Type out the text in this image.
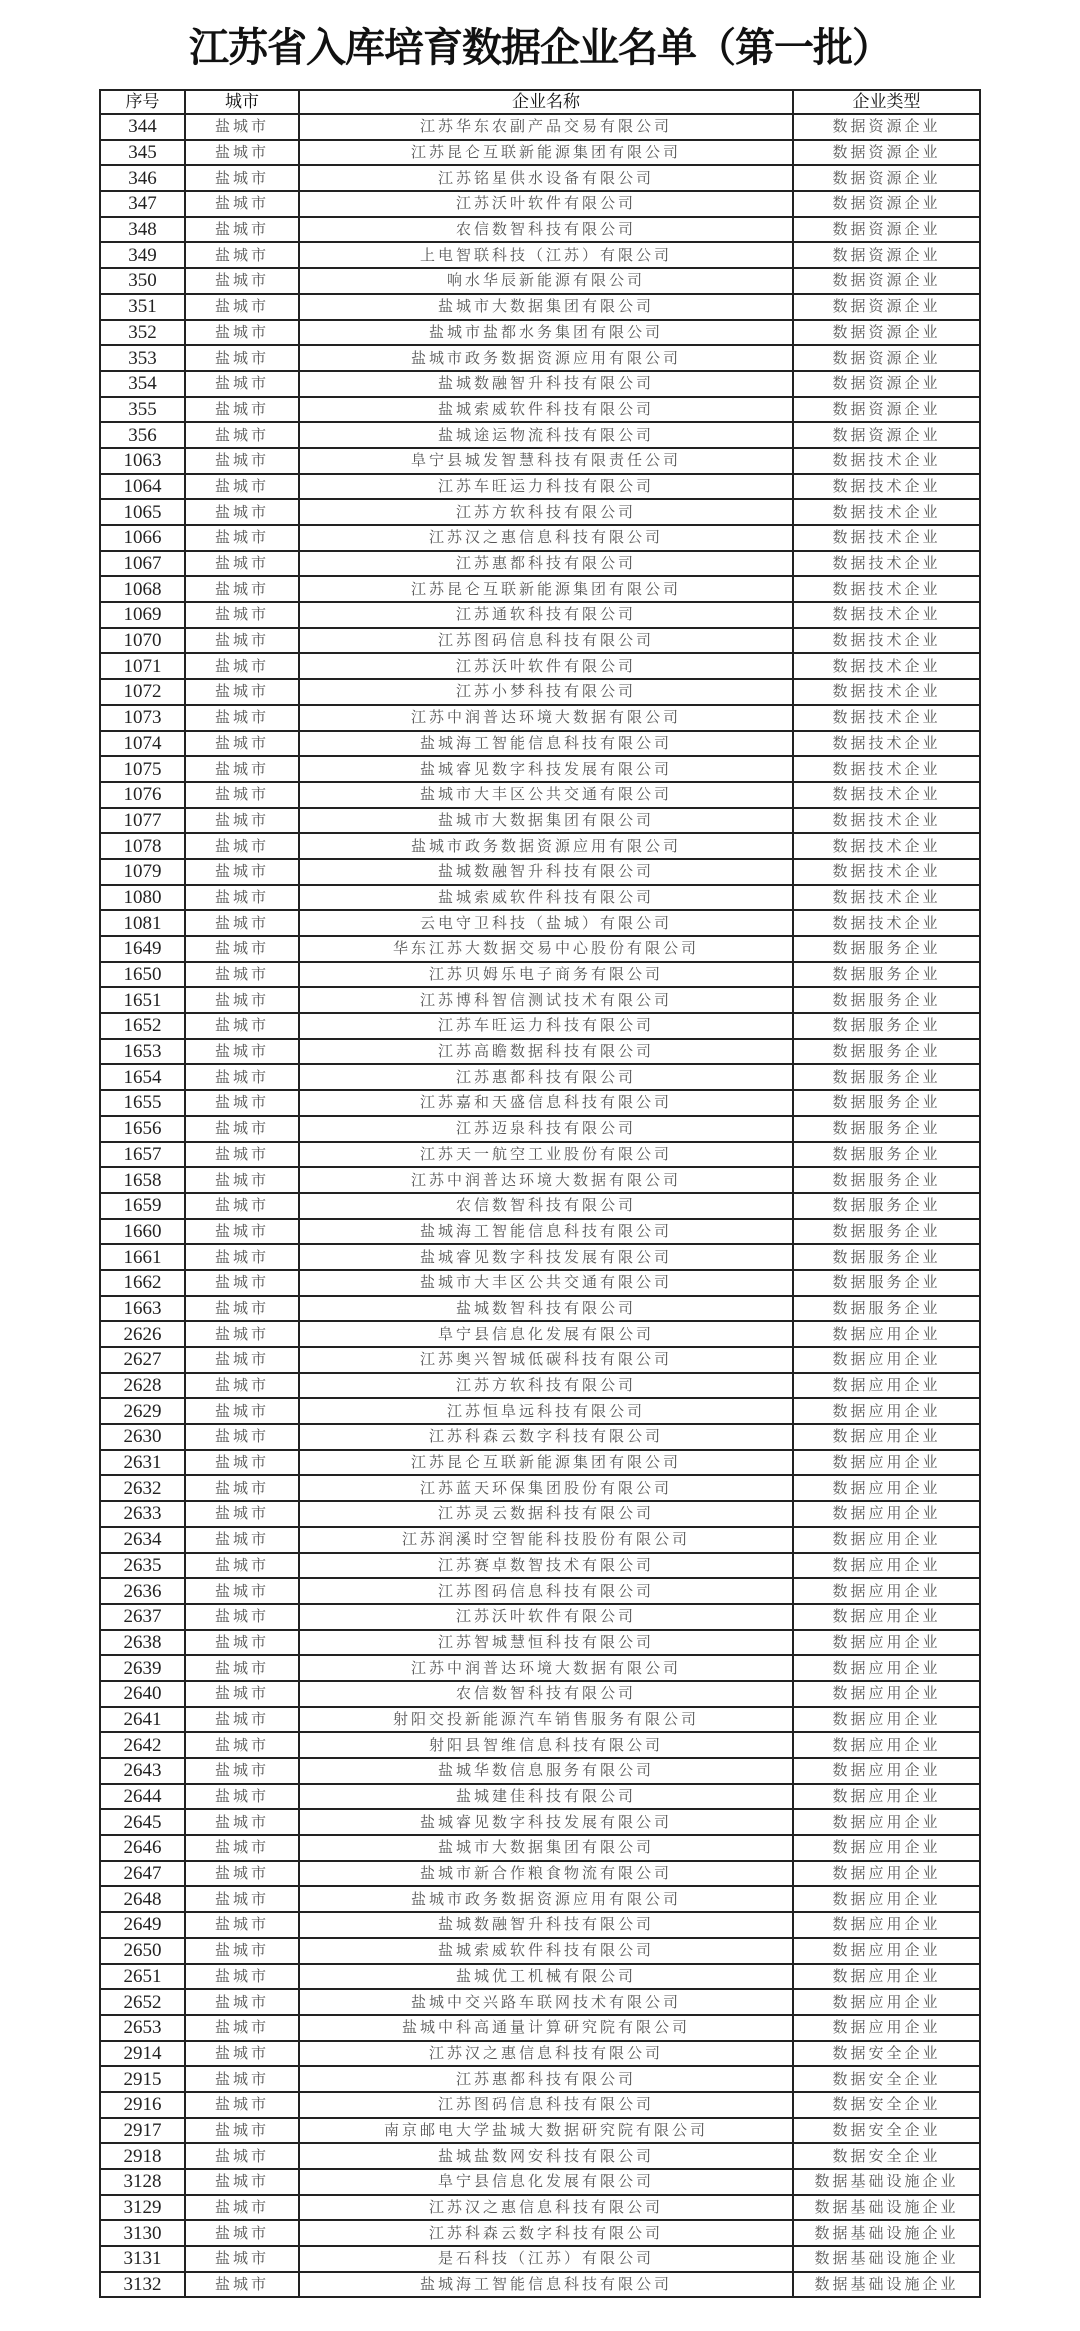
江苏省入库培育数据企业名单（第一批）
序号	城市	企业名称	企业类型
344	盐城市	江苏华东农副产品交易有限公司	数据资源企业
345	盐城市	江苏昆仑互联新能源集团有限公司	数据资源企业
346	盐城市	江苏铭星供水设备有限公司	数据资源企业
347	盐城市	江苏沃叶软件有限公司	数据资源企业
348	盐城市	农信数智科技有限公司	数据资源企业
349	盐城市	上电智联科技（江苏）有限公司	数据资源企业
350	盐城市	响水华辰新能源有限公司	数据资源企业
351	盐城市	盐城市大数据集团有限公司	数据资源企业
352	盐城市	盐城市盐都水务集团有限公司	数据资源企业
353	盐城市	盐城市政务数据资源应用有限公司	数据资源企业
354	盐城市	盐城数融智升科技有限公司	数据资源企业
355	盐城市	盐城索威软件科技有限公司	数据资源企业
356	盐城市	盐城途运物流科技有限公司	数据资源企业
1063	盐城市	阜宁县城发智慧科技有限责任公司	数据技术企业
1064	盐城市	江苏车旺运力科技有限公司	数据技术企业
1065	盐城市	江苏方软科技有限公司	数据技术企业
1066	盐城市	江苏汉之惠信息科技有限公司	数据技术企业
1067	盐城市	江苏惠都科技有限公司	数据技术企业
1068	盐城市	江苏昆仑互联新能源集团有限公司	数据技术企业
1069	盐城市	江苏通软科技有限公司	数据技术企业
1070	盐城市	江苏图码信息科技有限公司	数据技术企业
1071	盐城市	江苏沃叶软件有限公司	数据技术企业
1072	盐城市	江苏小梦科技有限公司	数据技术企业
1073	盐城市	江苏中润普达环境大数据有限公司	数据技术企业
1074	盐城市	盐城海工智能信息科技有限公司	数据技术企业
1075	盐城市	盐城睿见数字科技发展有限公司	数据技术企业
1076	盐城市	盐城市大丰区公共交通有限公司	数据技术企业
1077	盐城市	盐城市大数据集团有限公司	数据技术企业
1078	盐城市	盐城市政务数据资源应用有限公司	数据技术企业
1079	盐城市	盐城数融智升科技有限公司	数据技术企业
1080	盐城市	盐城索威软件科技有限公司	数据技术企业
1081	盐城市	云电守卫科技（盐城）有限公司	数据技术企业
1649	盐城市	华东江苏大数据交易中心股份有限公司	数据服务企业
1650	盐城市	江苏贝姆乐电子商务有限公司	数据服务企业
1651	盐城市	江苏博科智信测试技术有限公司	数据服务企业
1652	盐城市	江苏车旺运力科技有限公司	数据服务企业
1653	盐城市	江苏高瞻数据科技有限公司	数据服务企业
1654	盐城市	江苏惠都科技有限公司	数据服务企业
1655	盐城市	江苏嘉和天盛信息科技有限公司	数据服务企业
1656	盐城市	江苏迈泉科技有限公司	数据服务企业
1657	盐城市	江苏天一航空工业股份有限公司	数据服务企业
1658	盐城市	江苏中润普达环境大数据有限公司	数据服务企业
1659	盐城市	农信数智科技有限公司	数据服务企业
1660	盐城市	盐城海工智能信息科技有限公司	数据服务企业
1661	盐城市	盐城睿见数字科技发展有限公司	数据服务企业
1662	盐城市	盐城市大丰区公共交通有限公司	数据服务企业
1663	盐城市	盐城数智科技有限公司	数据服务企业
2626	盐城市	阜宁县信息化发展有限公司	数据应用企业
2627	盐城市	江苏奥兴智城低碳科技有限公司	数据应用企业
2628	盐城市	江苏方软科技有限公司	数据应用企业
2629	盐城市	江苏恒阜远科技有限公司	数据应用企业
2630	盐城市	江苏科森云数字科技有限公司	数据应用企业
2631	盐城市	江苏昆仑互联新能源集团有限公司	数据应用企业
2632	盐城市	江苏蓝天环保集团股份有限公司	数据应用企业
2633	盐城市	江苏灵云数据科技有限公司	数据应用企业
2634	盐城市	江苏润溪时空智能科技股份有限公司	数据应用企业
2635	盐城市	江苏赛卓数智技术有限公司	数据应用企业
2636	盐城市	江苏图码信息科技有限公司	数据应用企业
2637	盐城市	江苏沃叶软件有限公司	数据应用企业
2638	盐城市	江苏智城慧恒科技有限公司	数据应用企业
2639	盐城市	江苏中润普达环境大数据有限公司	数据应用企业
2640	盐城市	农信数智科技有限公司	数据应用企业
2641	盐城市	射阳交投新能源汽车销售服务有限公司	数据应用企业
2642	盐城市	射阳县智维信息科技有限公司	数据应用企业
2643	盐城市	盐城华数信息服务有限公司	数据应用企业
2644	盐城市	盐城建佳科技有限公司	数据应用企业
2645	盐城市	盐城睿见数字科技发展有限公司	数据应用企业
2646	盐城市	盐城市大数据集团有限公司	数据应用企业
2647	盐城市	盐城市新合作粮食物流有限公司	数据应用企业
2648	盐城市	盐城市政务数据资源应用有限公司	数据应用企业
2649	盐城市	盐城数融智升科技有限公司	数据应用企业
2650	盐城市	盐城索威软件科技有限公司	数据应用企业
2651	盐城市	盐城优工机械有限公司	数据应用企业
2652	盐城市	盐城中交兴路车联网技术有限公司	数据应用企业
2653	盐城市	盐城中科高通量计算研究院有限公司	数据应用企业
2914	盐城市	江苏汉之惠信息科技有限公司	数据安全企业
2915	盐城市	江苏惠都科技有限公司	数据安全企业
2916	盐城市	江苏图码信息科技有限公司	数据安全企业
2917	盐城市	南京邮电大学盐城大数据研究院有限公司	数据安全企业
2918	盐城市	盐城盐数网安科技有限公司	数据安全企业
3128	盐城市	阜宁县信息化发展有限公司	数据基础设施企业
3129	盐城市	江苏汉之惠信息科技有限公司	数据基础设施企业
3130	盐城市	江苏科森云数字科技有限公司	数据基础设施企业
3131	盐城市	是石科技（江苏）有限公司	数据基础设施企业
3132	盐城市	盐城海工智能信息科技有限公司	数据基础设施企业
